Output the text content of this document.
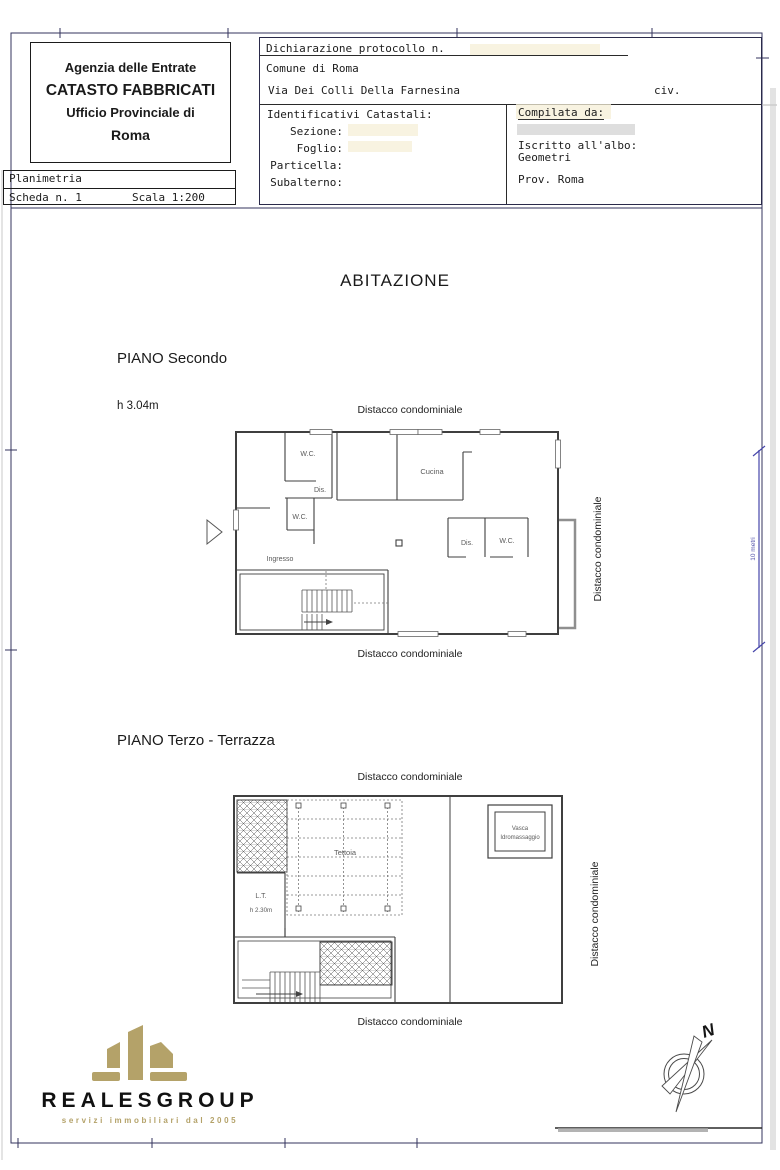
10 metri
N
Agenzia delle Entrate
CATASTO FABBRICATI
Ufficio Provinciale di
Roma
Planimetria
Scheda n. 1	Scala 1:200
Dichiarazione protocollo n.
Comune di Roma
Via Dei Colli Della Farnesina	civ.
Identificativi Catastali:
Sezione:
Foglio:
Particella:
Subalterno:
Compilata da:
Iscritto all'albo:
Geometri
Prov. Roma
ABITAZIONE
PIANO Secondo
h 3.04m	Distacco condominiale
Distacco condominiale
Distacco condominiale
W.C.
Dis.
W.C.
Cucina
Dis.	W.C.
Ingresso
PIANO Terzo - Terrazza
Distacco condominiale
Distacco condominiale
Distacco condominiale
Tettoia
L.T.
h 2.30m
Vasca
Idromassaggio
REALESGROUP
servizi immobiliari dal 2005
